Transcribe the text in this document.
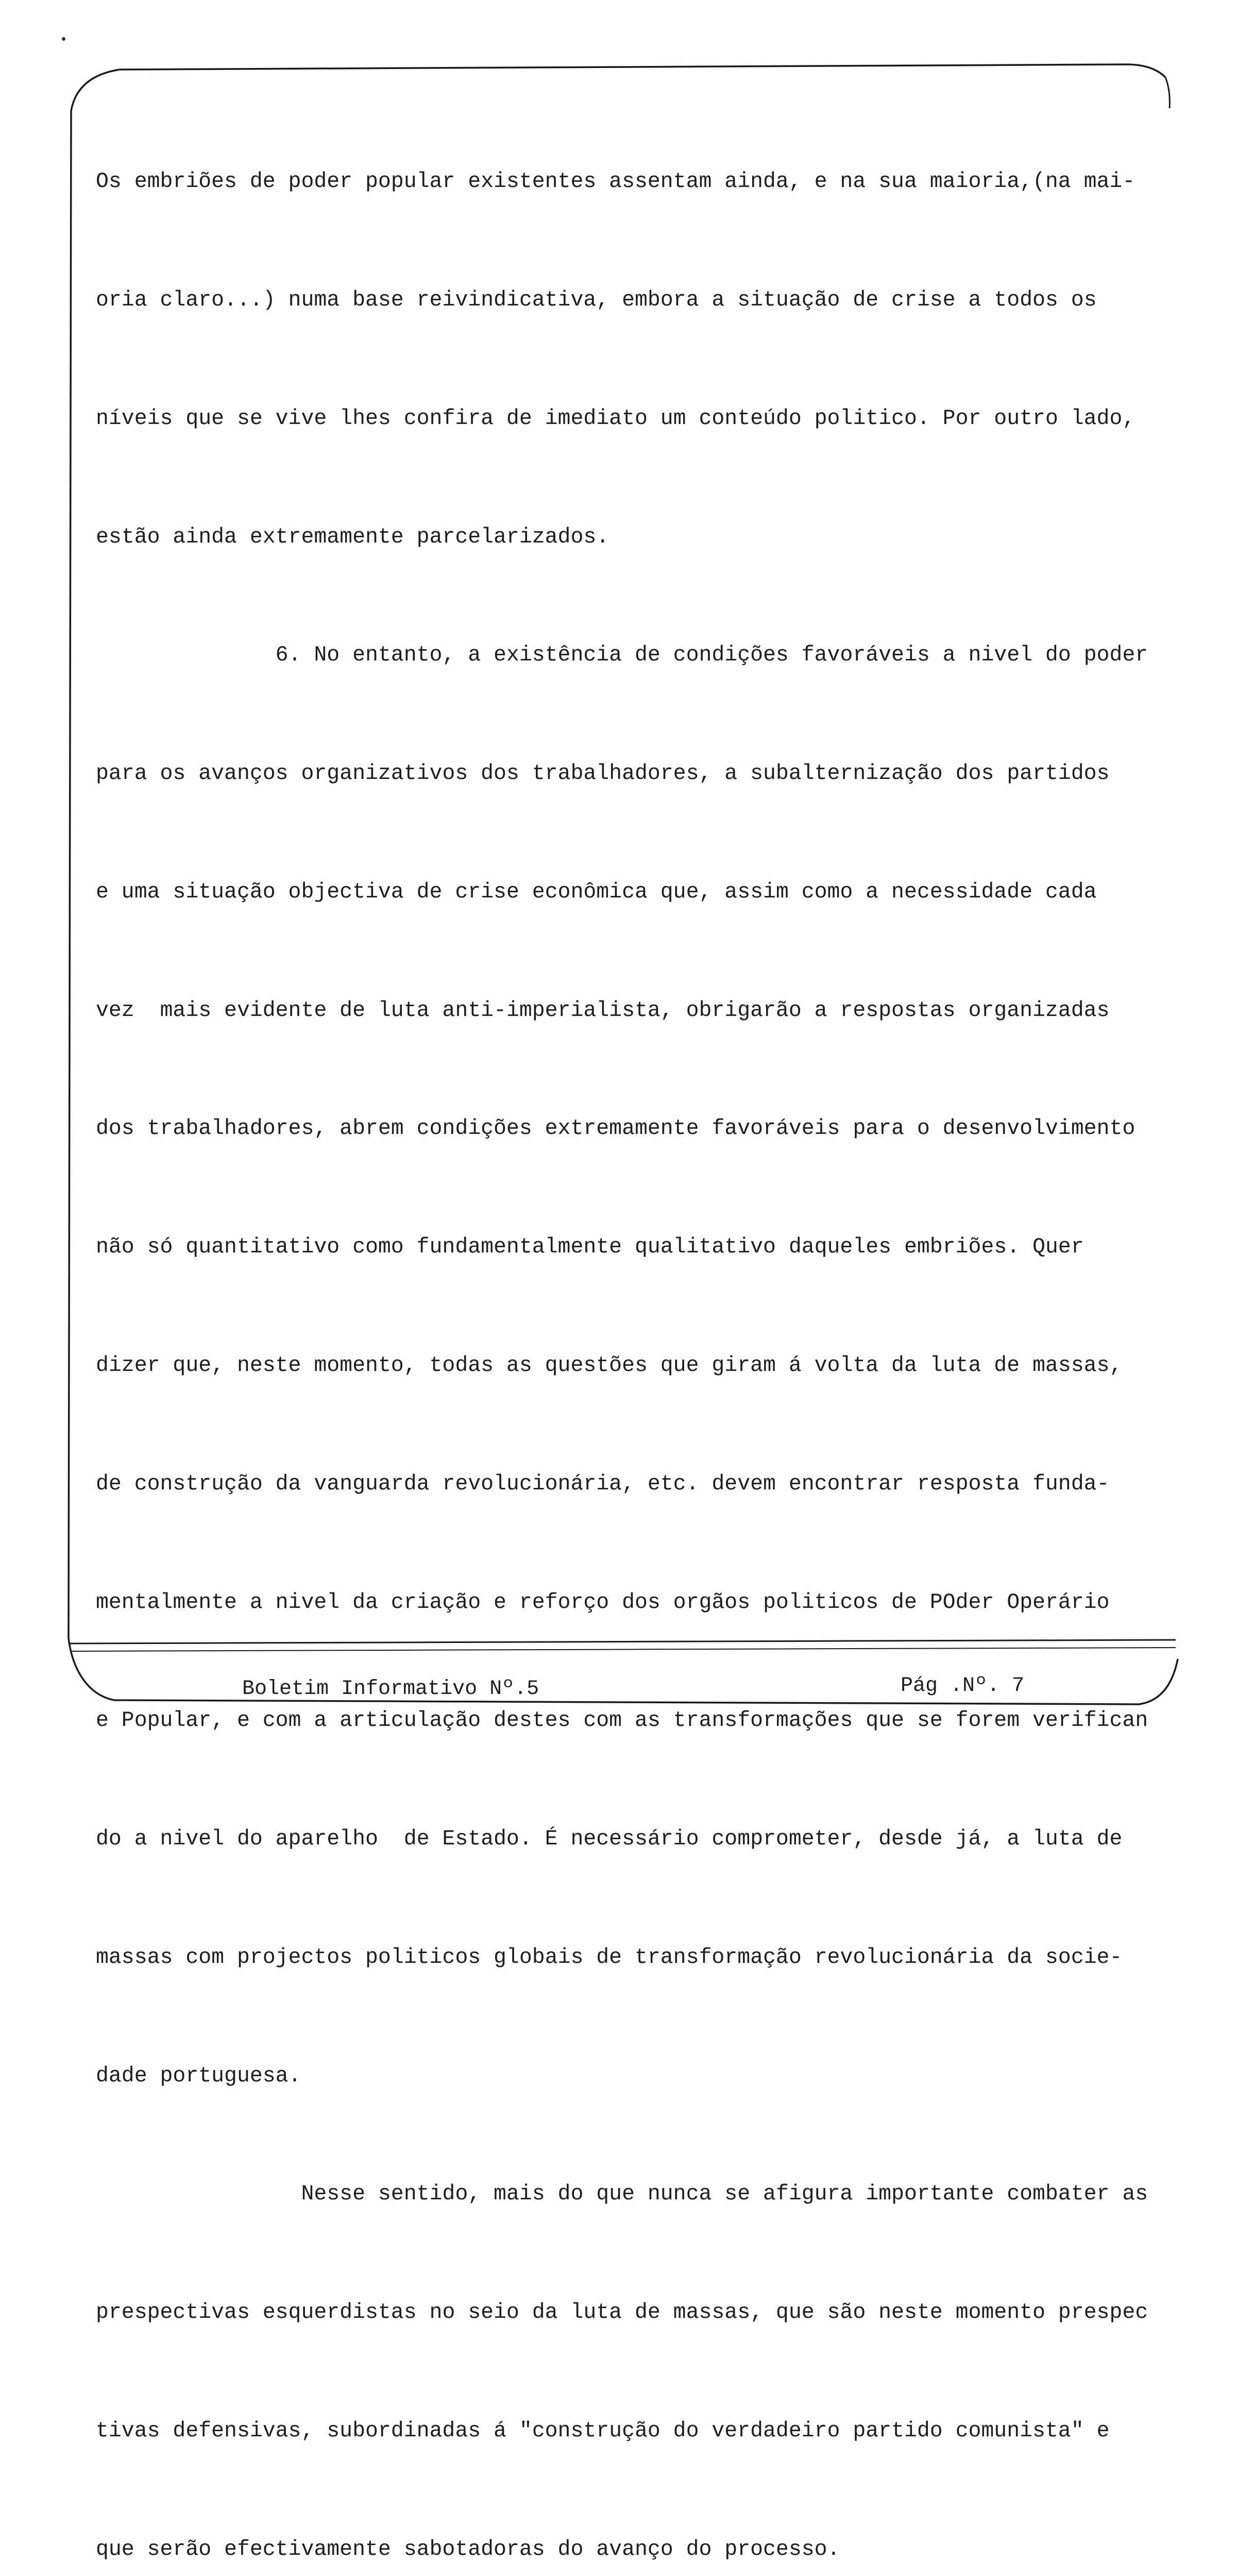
Os embriões de poder popular existentes assentam ainda, e na sua maioria,(na mai-

oria claro...) numa base reivindicativa, embora a situação de crise a todos os

níveis que se vive lhes confira de imediato um conteúdo politico. Por outro lado,

estão ainda extremamente parcelarizados.

6. No entanto, a existência de condições favoráveis a nivel do poder

para os avanços organizativos dos trabalhadores, a subalternização dos partidos

e uma situação objectiva de crise econômica que, assim como a necessidade cada

vez  mais evidente de luta anti-imperialista, obrigarão a respostas organizadas

dos trabalhadores, abrem condições extremamente favoráveis para o desenvolvimento

não só quantitativo como fundamentalmente qualitativo daqueles embriões. Quer

dizer que, neste momento, todas as questões que giram á volta da luta de massas,

de construção da vanguarda revolucionária, etc. devem encontrar resposta funda-

mentalmente a nivel da criação e reforço dos orgãos politicos de POder Operário

e Popular, e com a articulação destes com as transformações que se forem verifican

do a nivel do aparelho  de Estado. É necessário comprometer, desde já, a luta de

massas com projectos politicos globais de transformação revolucionária da socie-

dade portuguesa.

Nesse sentido, mais do que nunca se afigura importante combater as

prespectivas esquerdistas no seio da luta de massas, que são neste momento prespec

tivas defensivas, subordinadas á "construção do verdadeiro partido comunista" e

que serão efectivamente sabotadoras do avanço do processo.

Boletim Informativo Nº.5	Pág .Nº. 7
